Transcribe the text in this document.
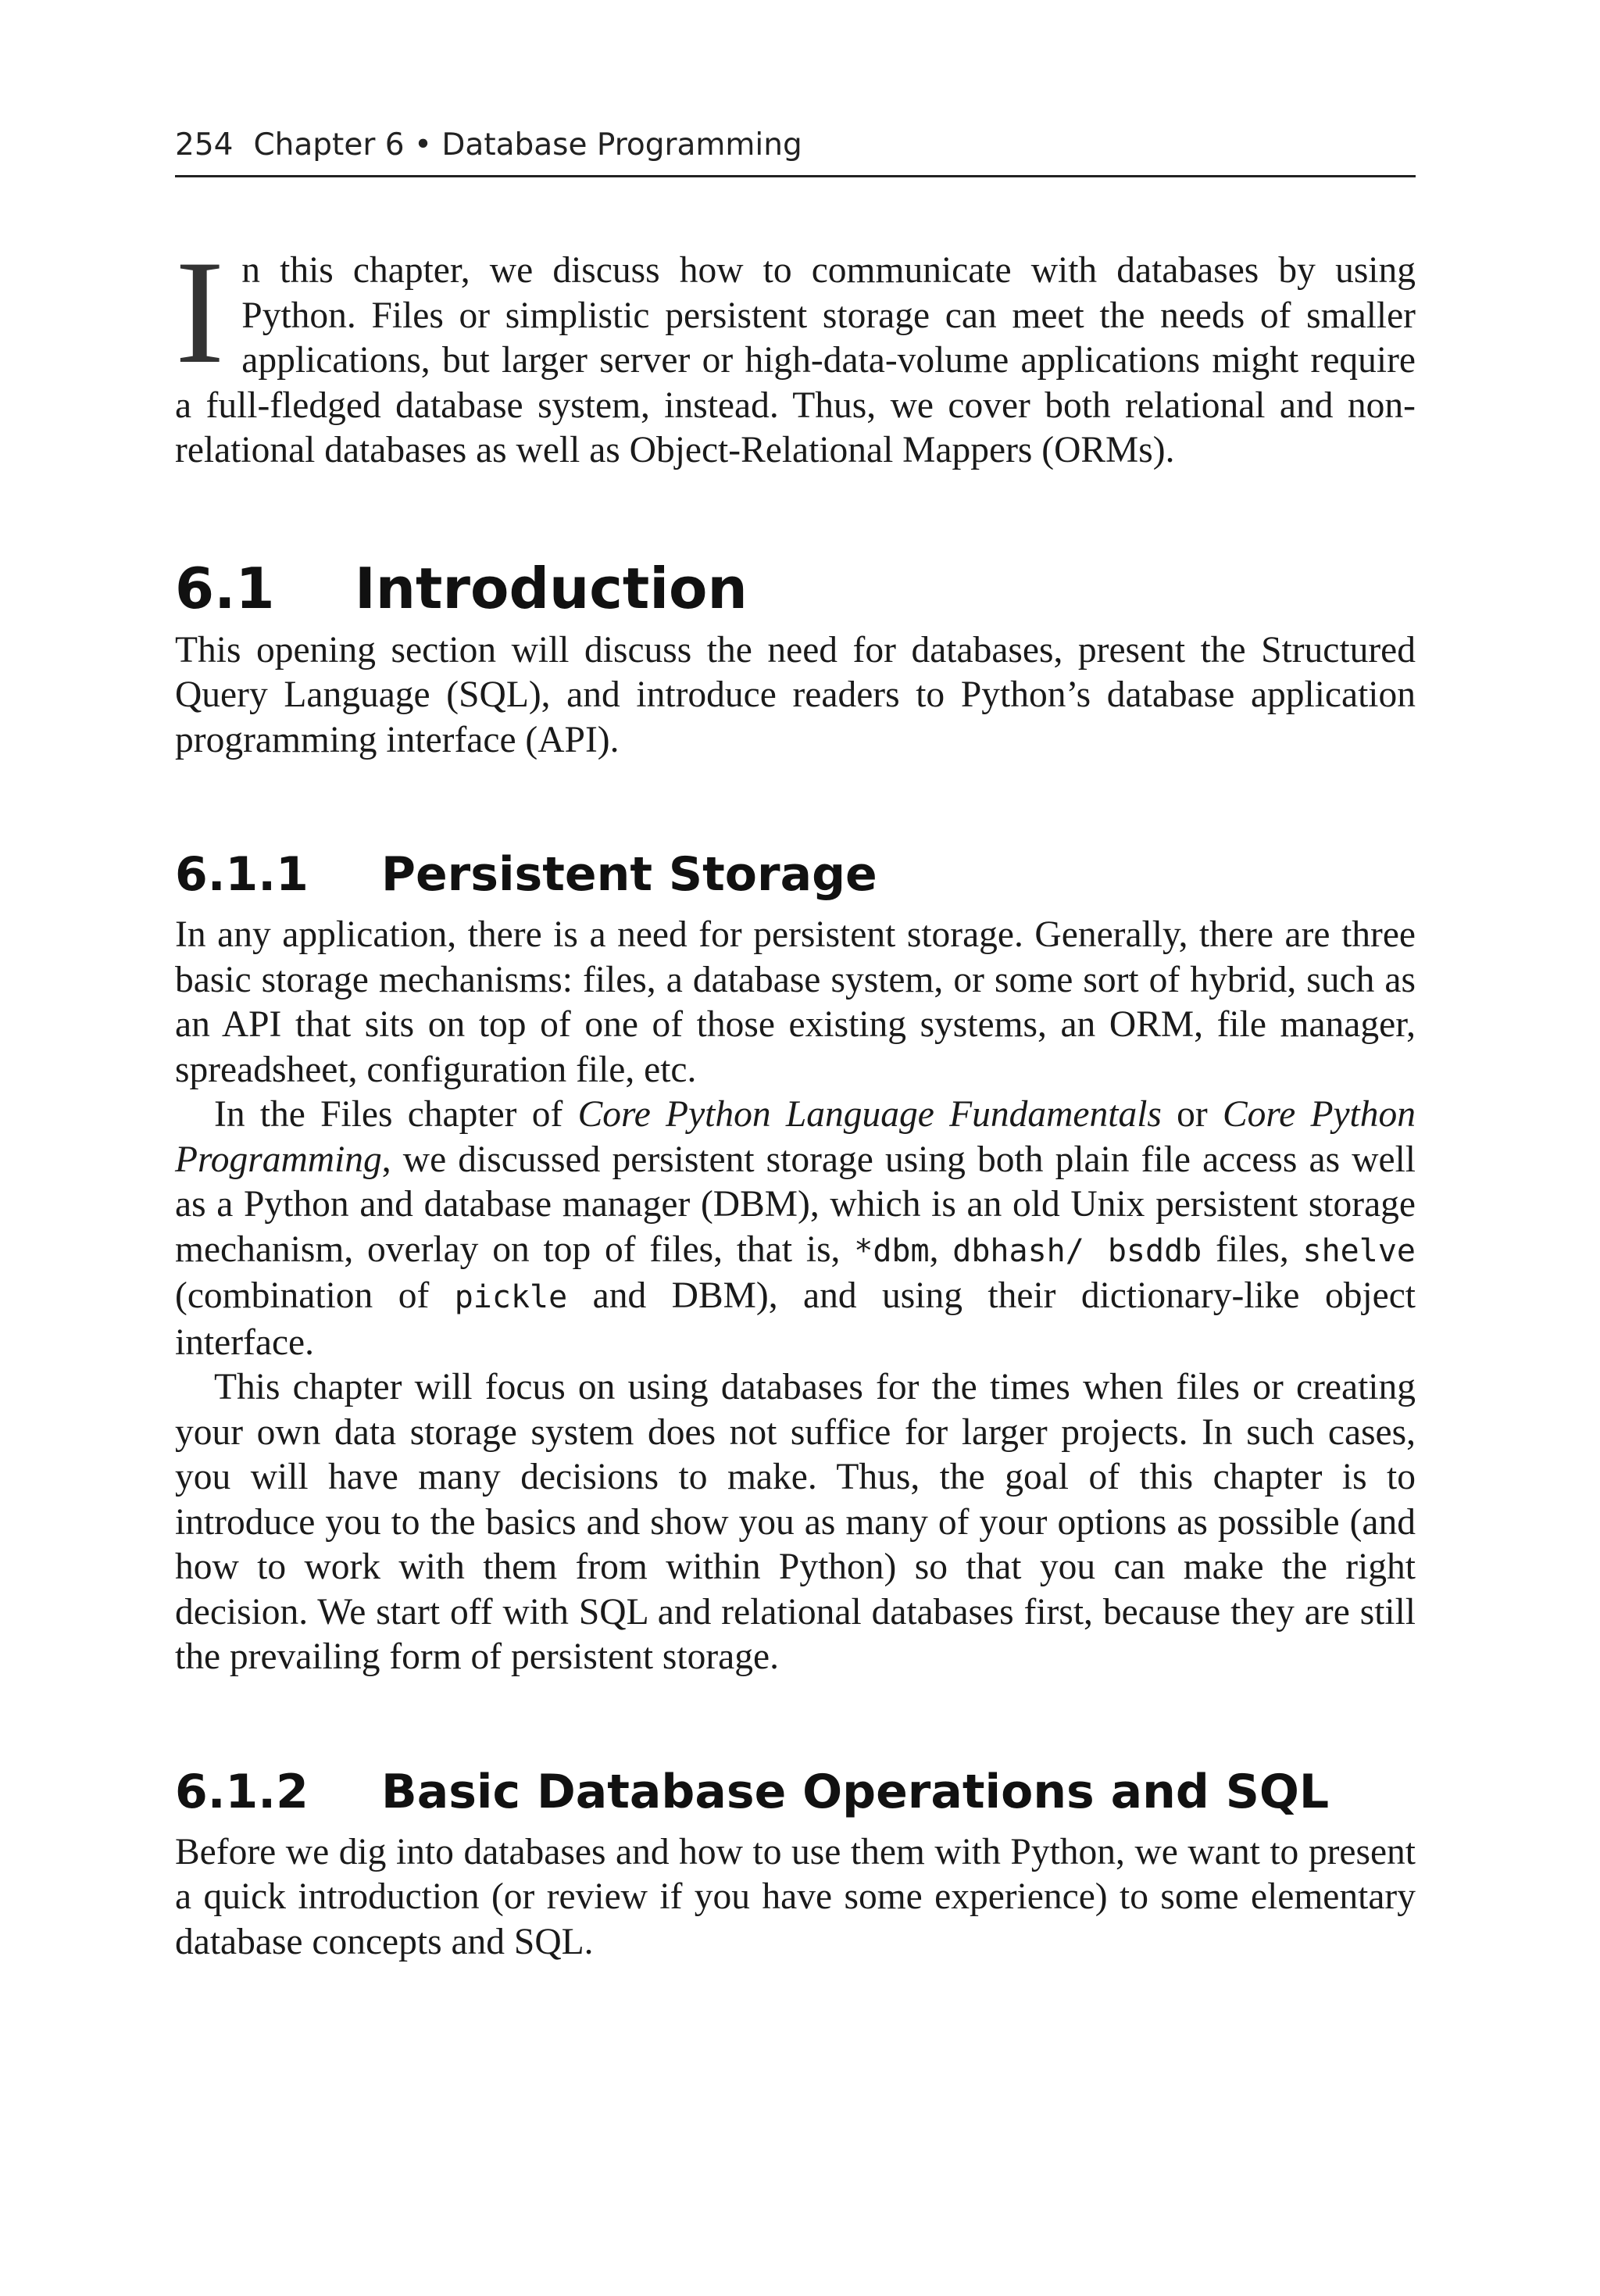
254 Chapter 6 • Database Programming

In this chapter, we discuss how to communicate with databases by using Python. Files or simplistic persistent storage can meet the needs of smaller applications, but larger server or high-data-volume applications might require a full-fledged database system, instead. Thus, we cover both relational and non-relational databases as well as Object-Relational Mappers (ORMs).

6.1 Introduction

This opening section will discuss the need for databases, present the Structured Query Language (SQL), and introduce readers to Python’s database application programming interface (API).

6.1.1 Persistent Storage

In any application, there is a need for persistent storage. Generally, there are three basic storage mechanisms: files, a database system, or some sort of hybrid, such as an API that sits on top of one of those existing systems, an ORM, file manager, spreadsheet, configuration file, etc.

In the Files chapter of Core Python Language Fundamentals or Core Python Programming, we discussed persistent storage using both plain file access as well as a Python and database manager (DBM), which is an old Unix persistent storage mechanism, overlay on top of files, that is, *dbm, dbhash/ bsddb files, shelve (combination of pickle and DBM), and using their dictionary-like object interface.

This chapter will focus on using databases for the times when files or creating your own data storage system does not suffice for larger projects. In such cases, you will have many decisions to make. Thus, the goal of this chapter is to introduce you to the basics and show you as many of your options as possible (and how to work with them from within Python) so that you can make the right decision. We start off with SQL and relational databases first, because they are still the prevailing form of persistent storage.

6.1.2 Basic Database Operations and SQL

Before we dig into databases and how to use them with Python, we want to present a quick introduction (or review if you have some experience) to some elementary database concepts and SQL.
